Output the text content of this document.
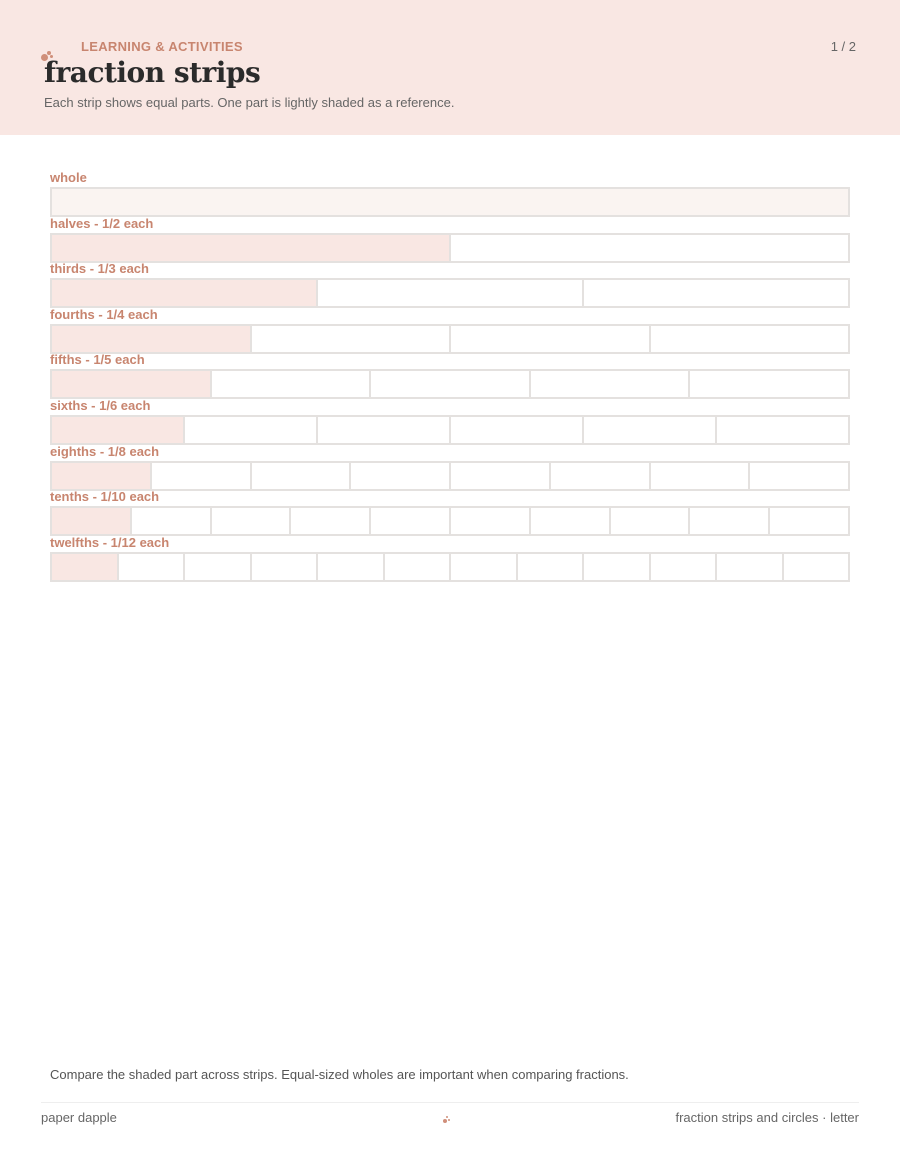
LEARNING & ACTIVITIES	1 / 2
fraction strips
Each strip shows equal parts. One part is lightly shaded as a reference.
whole
halves - 1/2 each
thirds - 1/3 each
fourths - 1/4 each
fifths - 1/5 each
sixths - 1/6 each
eighths - 1/8 each
tenths - 1/10 each
twelfths - 1/12 each
Compare the shaded part across strips. Equal-sized wholes are important when comparing fractions.
paper dapple	fraction strips and circles · letter
